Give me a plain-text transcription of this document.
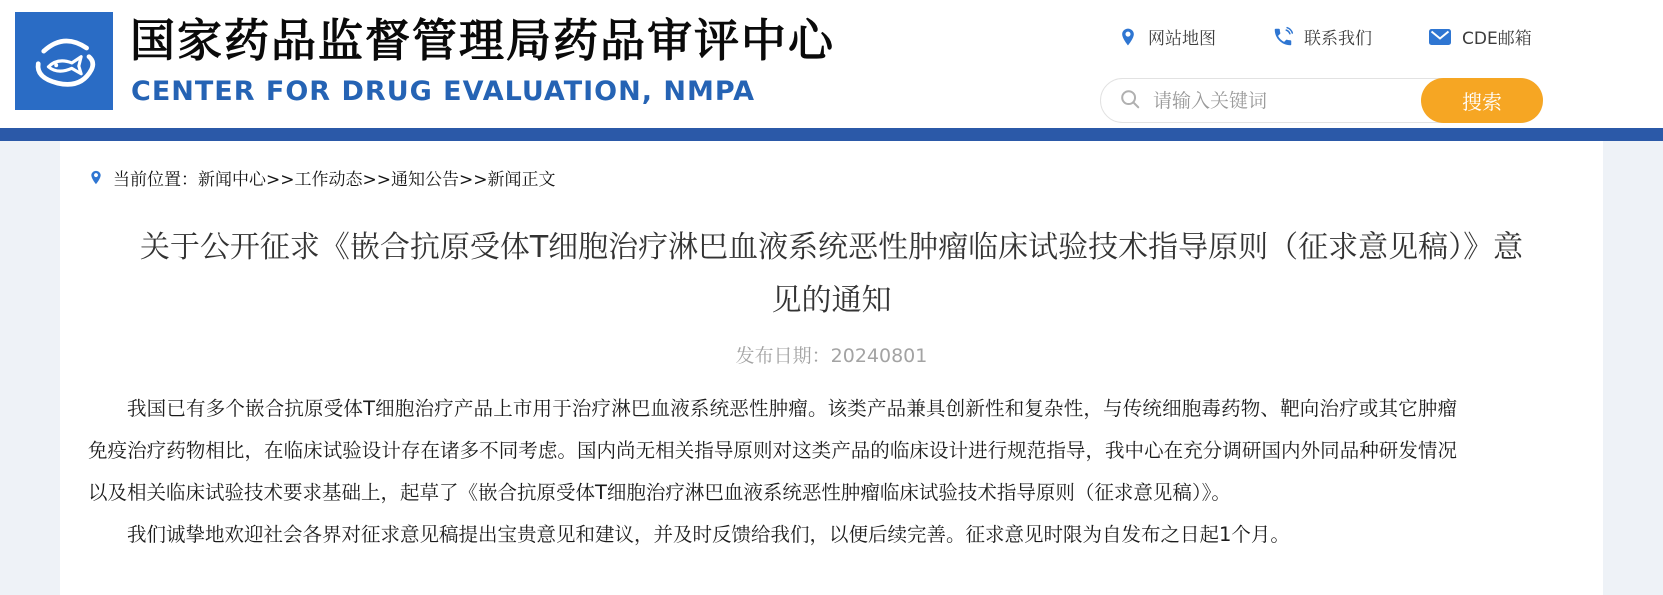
国家药品监督管理局药品审评中心
CENTER FOR DRUG EVALUATION, NMPA
网站地图	联系我们	CDE邮箱
请输入关键词
搜索
当前位置：新闻中心>>工作动态>>通知公告>>新闻正文
关于公开征求《嵌合抗原受体T细胞治疗淋巴血液系统恶性肿瘤临床试验技术指导原则（征求意见稿）》意见的通知
发布日期：20240801

我国已有多个嵌合抗原受体T细胞治疗产品上市用于治疗淋巴血液系统恶性肿瘤。该类产品兼具创新性和复杂性，与传统细胞毒药物、靶向治疗或其它肿瘤免疫治疗药物相比，在临床试验设计存在诸多不同考虑。国内尚无相关指导原则对这类产品的临床设计进行规范指导，我中心在充分调研国内外同品种研发情况以及相关临床试验技术要求基础上，起草了《嵌合抗原受体T细胞治疗淋巴血液系统恶性肿瘤临床试验技术指导原则（征求意见稿）》。

我们诚挚地欢迎社会各界对征求意见稿提出宝贵意见和建议，并及时反馈给我们，以便后续完善。征求意见时限为自发布之日起1个月。
